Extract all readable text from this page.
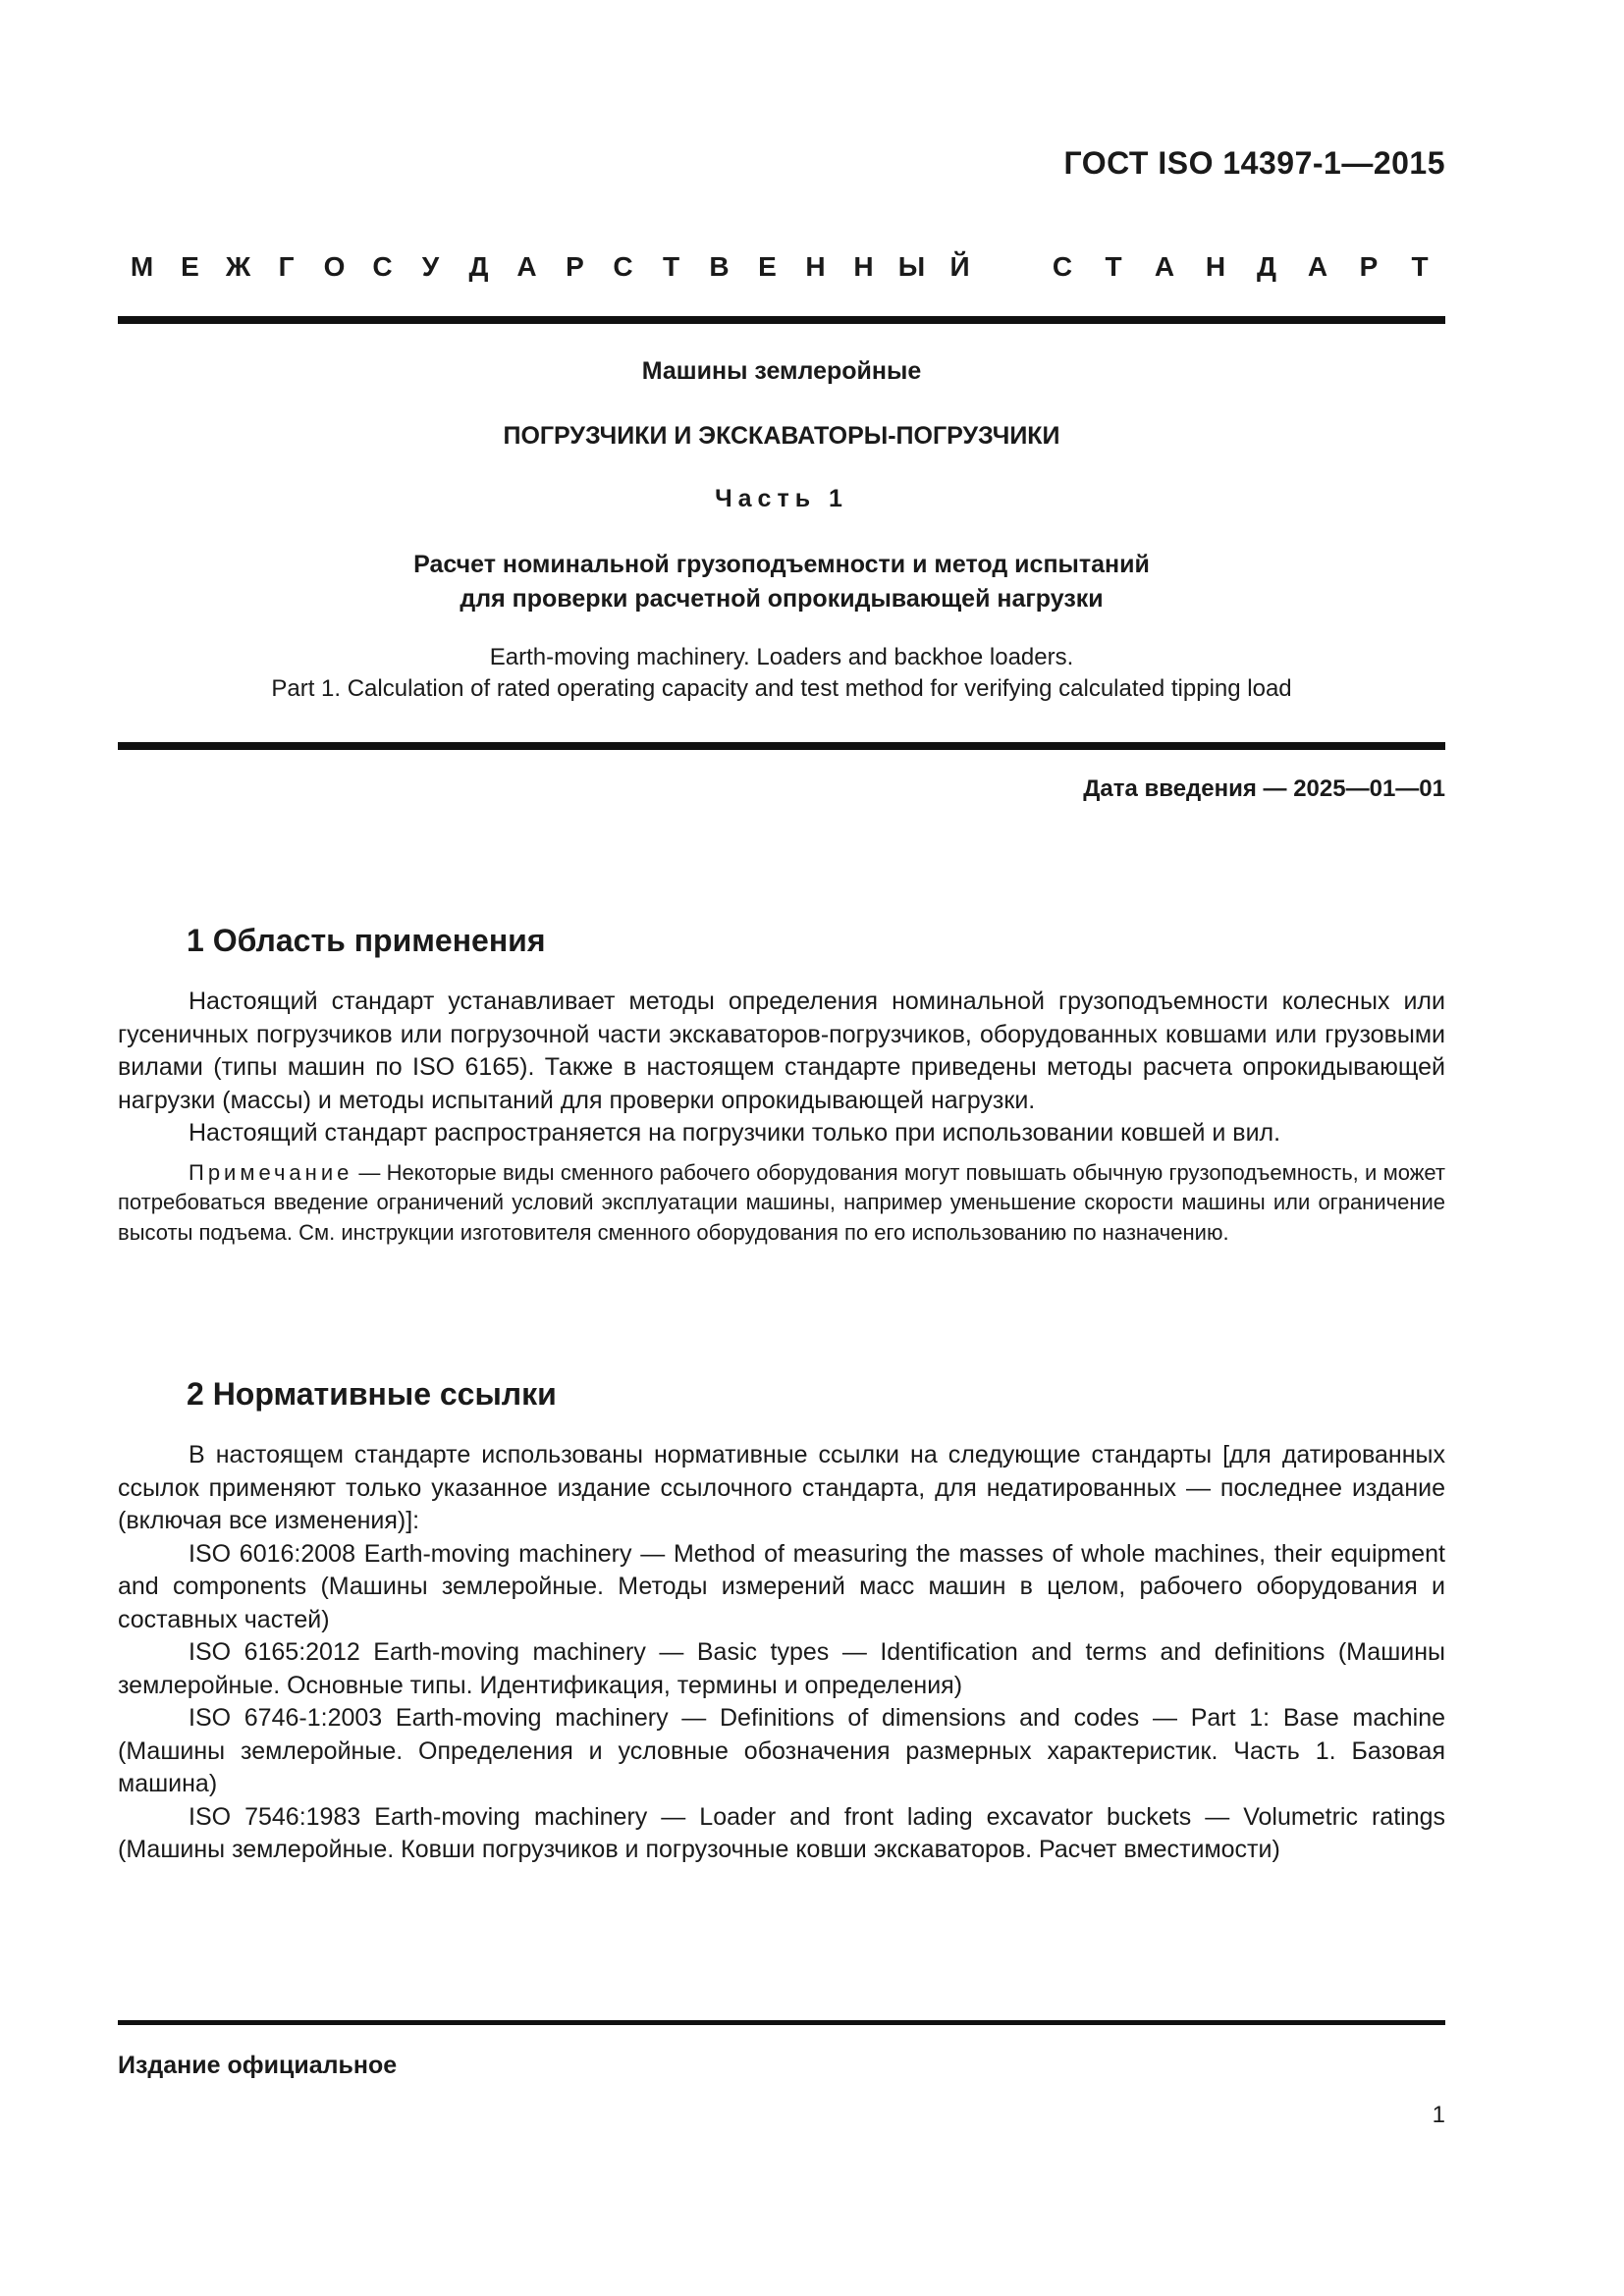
ГОСТ ISO 14397-1—2015
М	Е Ж	Г	О С	У	Д	А	Р	С	Т	В	Е	Н	Н Ы Й	С	Т	А	Н	Д	А	Р	Т
Машины землеройные
ПОГРУЗЧИКИ И ЭКСКАВАТОРЫ-ПОГРУЗЧИКИ
Часть 1
Расчет номинальной грузоподъемности и метод испытаний
для проверки расчетной опрокидывающей нагрузки
Earth-moving machinery. Loaders and backhoe loaders.
Part 1. Calculation of rated operating capacity and test method for verifying calculated tipping load
Дата введения — 2025—01—01
1 Область применения

Настоящий стандарт устанавливает методы определения номинальной грузоподъемности колесных или гусеничных погрузчиков или погрузочной части экскаваторов-погрузчиков, оборудованных ковшами или грузовыми вилами (типы машин по ISO 6165). Также в настоящем стандарте приведены методы расчета опрокидывающей нагрузки (массы) и методы испытаний для проверки опрокидывающей нагрузки.

Настоящий стандарт распространяется на погрузчики только при использовании ковшей и вил.

Примечание — Некоторые виды сменного рабочего оборудования могут повышать обычную грузоподъемность, и может потребоваться введение ограничений условий эксплуатации машины, например уменьшение скорости машины или ограничение высоты подъема. См. инструкции изготовителя сменного оборудования по его использованию по назначению.
2 Нормативные ссылки

В настоящем стандарте использованы нормативные ссылки на следующие стандарты [для датированных ссылок применяют только указанное издание ссылочного стандарта, для недатированных — последнее издание (включая все изменения)]:

ISO 6016:2008 Earth-moving machinery — Method of measuring the masses of whole machines, their equipment and components (Машины землеройные. Методы измерений масс машин в целом, рабочего оборудования и составных частей)

ISO 6165:2012 Earth-moving machinery — Basic types — Identification and terms and definitions (Машины землеройные. Основные типы. Идентификация, термины и определения)

ISO 6746-1:2003 Earth-moving machinery — Definitions of dimensions and codes — Part 1: Base machine (Машины землеройные. Определения и условные обозначения размерных характеристик. Часть 1. Базовая машина)

ISO 7546:1983 Earth-moving machinery — Loader and front lading excavator buckets — Volumetric ratings (Машины землеройные. Ковши погрузчиков и погрузочные ковши экскаваторов. Расчет вместимости)

Издание официальное
1
